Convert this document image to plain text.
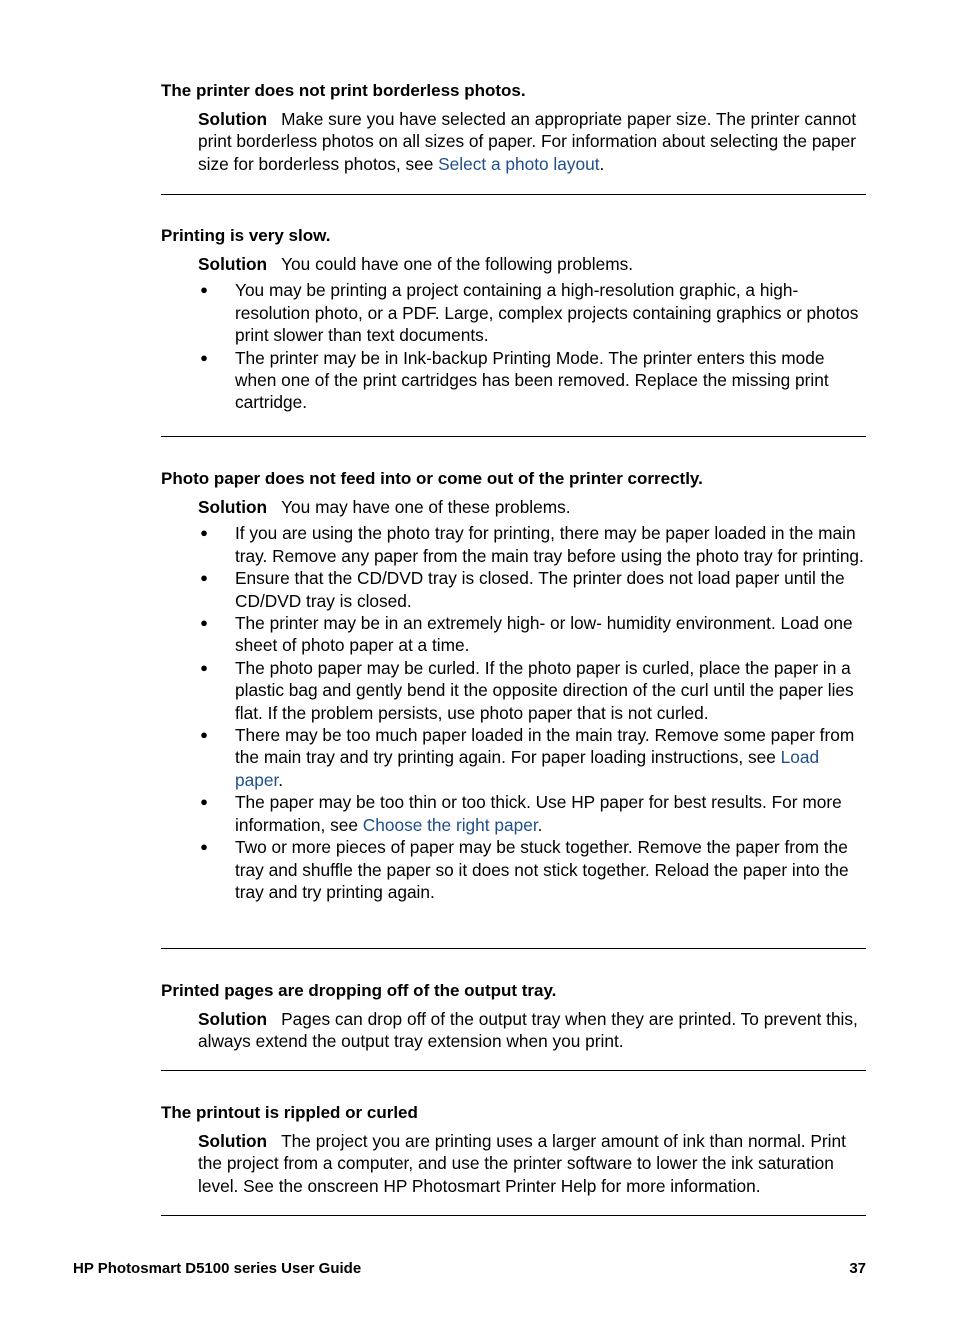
The printer does not print borderless photos.

Solution Make sure you have selected an appropriate paper size. The printer cannot print borderless photos on all sizes of paper. For information about selecting the paper size for borderless photos, see Select a photo layout.

Printing is very slow.

Solution You could have one of the following problems.
● You may be printing a project containing a high-resolution graphic, a high-resolution photo, or a PDF. Large, complex projects containing graphics or photos print slower than text documents.
● The printer may be in Ink-backup Printing Mode. The printer enters this mode when one of the print cartridges has been removed. Replace the missing print cartridge.

Photo paper does not feed into or come out of the printer correctly.

Solution You may have one of these problems.
● If you are using the photo tray for printing, there may be paper loaded in the main tray. Remove any paper from the main tray before using the photo tray for printing.
● Ensure that the CD/DVD tray is closed. The printer does not load paper until the CD/DVD tray is closed.
● The printer may be in an extremely high- or low- humidity environment. Load one sheet of photo paper at a time.
● The photo paper may be curled. If the photo paper is curled, place the paper in a plastic bag and gently bend it the opposite direction of the curl until the paper lies flat. If the problem persists, use photo paper that is not curled.
● There may be too much paper loaded in the main tray. Remove some paper from the main tray and try printing again. For paper loading instructions, see Load paper.
● The paper may be too thin or too thick. Use HP paper for best results. For more information, see Choose the right paper.
● Two or more pieces of paper may be stuck together. Remove the paper from the tray and shuffle the paper so it does not stick together. Reload the paper into the tray and try printing again.

Printed pages are dropping off of the output tray.

Solution Pages can drop off of the output tray when they are printed. To prevent this, always extend the output tray extension when you print.

The printout is rippled or curled

Solution The project you are printing uses a larger amount of ink than normal. Print the project from a computer, and use the printer software to lower the ink saturation level. See the onscreen HP Photosmart Printer Help for more information.
HP Photosmart D5100 series User Guide	37
